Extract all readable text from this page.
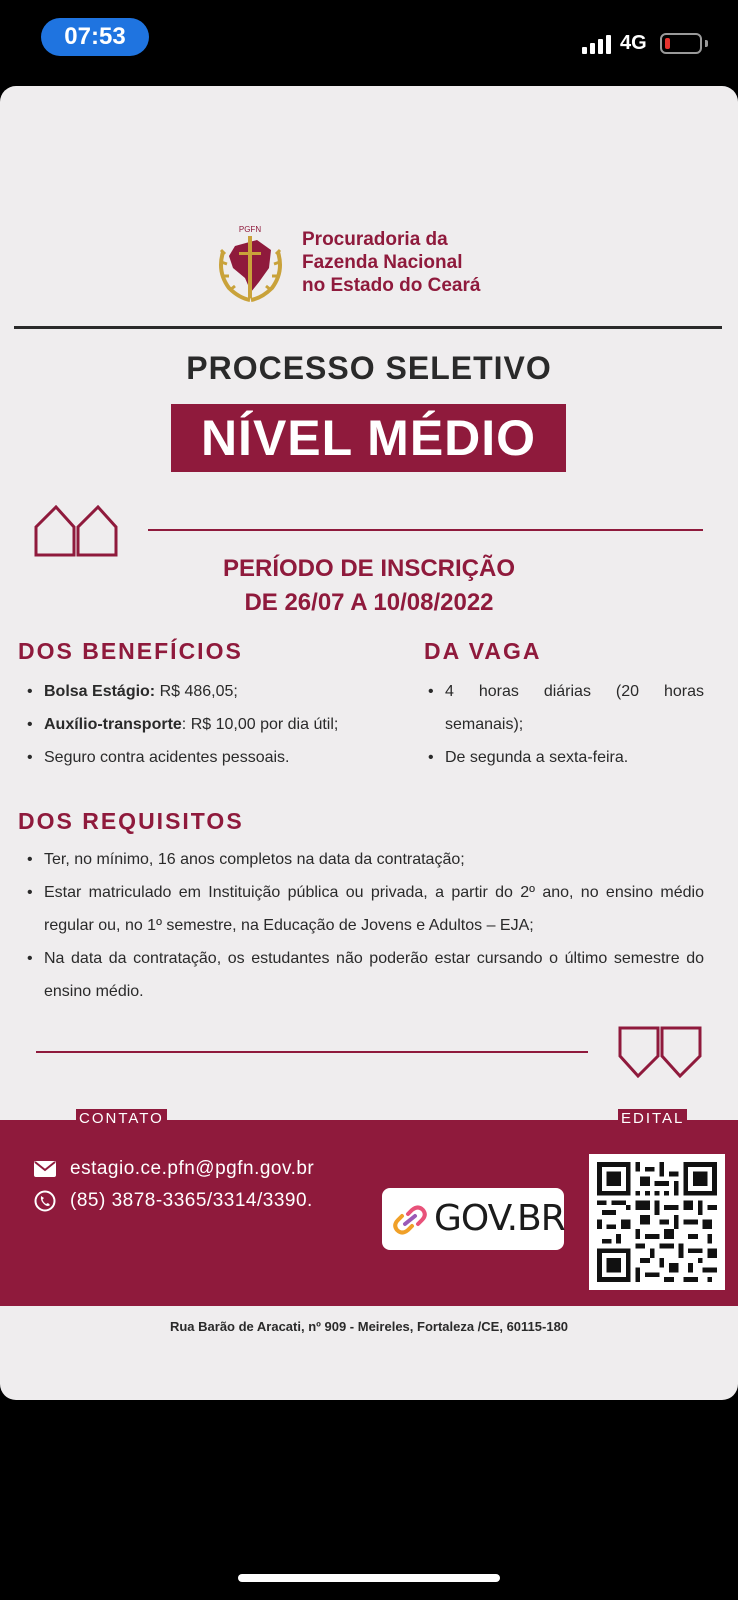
07:53	4G
PGFN Procuradoria da
Fazenda Nacional
no Estado do Ceará
PROCESSO SELETIVO
NÍVEL MÉDIO
PERÍODO DE INSCRIÇÃO
DE 26/07 A 10/08/2022
DOS BENEFÍCIOS
• Bolsa Estágio: R$ 486,05;
• Auxílio-transporte: R$ 10,00 por dia útil;
• Seguro contra acidentes pessoais.
DA VAGA
• 4 horas diárias (20 horas semanais);
• De segunda a sexta-feira.
DOS REQUISITOS
• Ter, no mínimo, 16 anos completos na data da contratação;
• Estar matriculado em Instituição pública ou privada, a partir do 2º ano, no ensino médio regular ou, no 1º semestre, na Educação de Jovens e Adultos – EJA;
• Na data da contratação, os estudantes não poderão estar cursando o último semestre do ensino médio.
CONTATO	EDITAL
estagio.ce.pfn@pgfn.gov.br
(85) 3878-3365/3314/3390.	GOV.BR
Rua Barão de Aracati, nº 909 - Meireles, Fortaleza /CE, 60115-180
